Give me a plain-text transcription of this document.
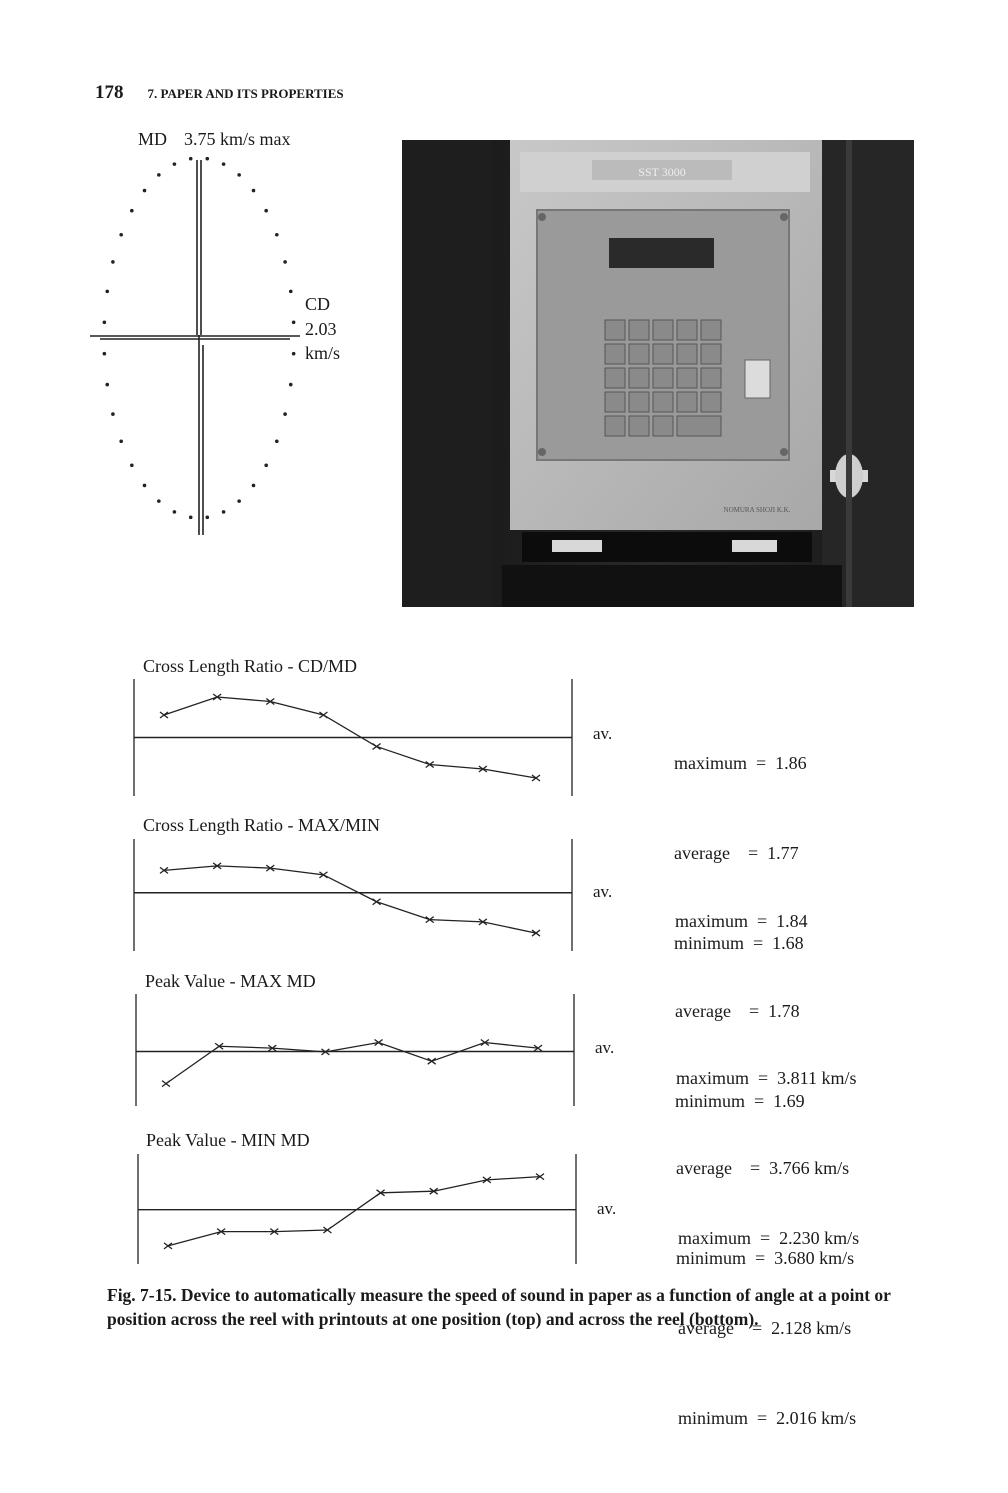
178 7. PAPER AND ITS PROPERTIES
MD 3.75 km/s max
CD
2.03
km/s
SST 3000
NOMURA SHOJI K.K.
Cross Length Ratio - CD/MD
av.

maximum  =  1.86

average    =  1.77

minimum  =  1.68

Cross Length Ratio - MAX/MIN
av.

maximum  =  1.84

average    =  1.78

minimum  =  1.69

Peak Value - MAX MD
av.

maximum  =  3.811 km/s

average    =  3.766 km/s

minimum  =  3.680 km/s

Peak Value - MIN MD
av.

maximum  =  2.230 km/s

average    =  2.128 km/s

minimum  =  2.016 km/s

Fig. 7-15. Device to automatically measure the speed of sound in paper as a function of angle at a point or position across the reel with printouts at one position (top) and across the reel (bottom).
